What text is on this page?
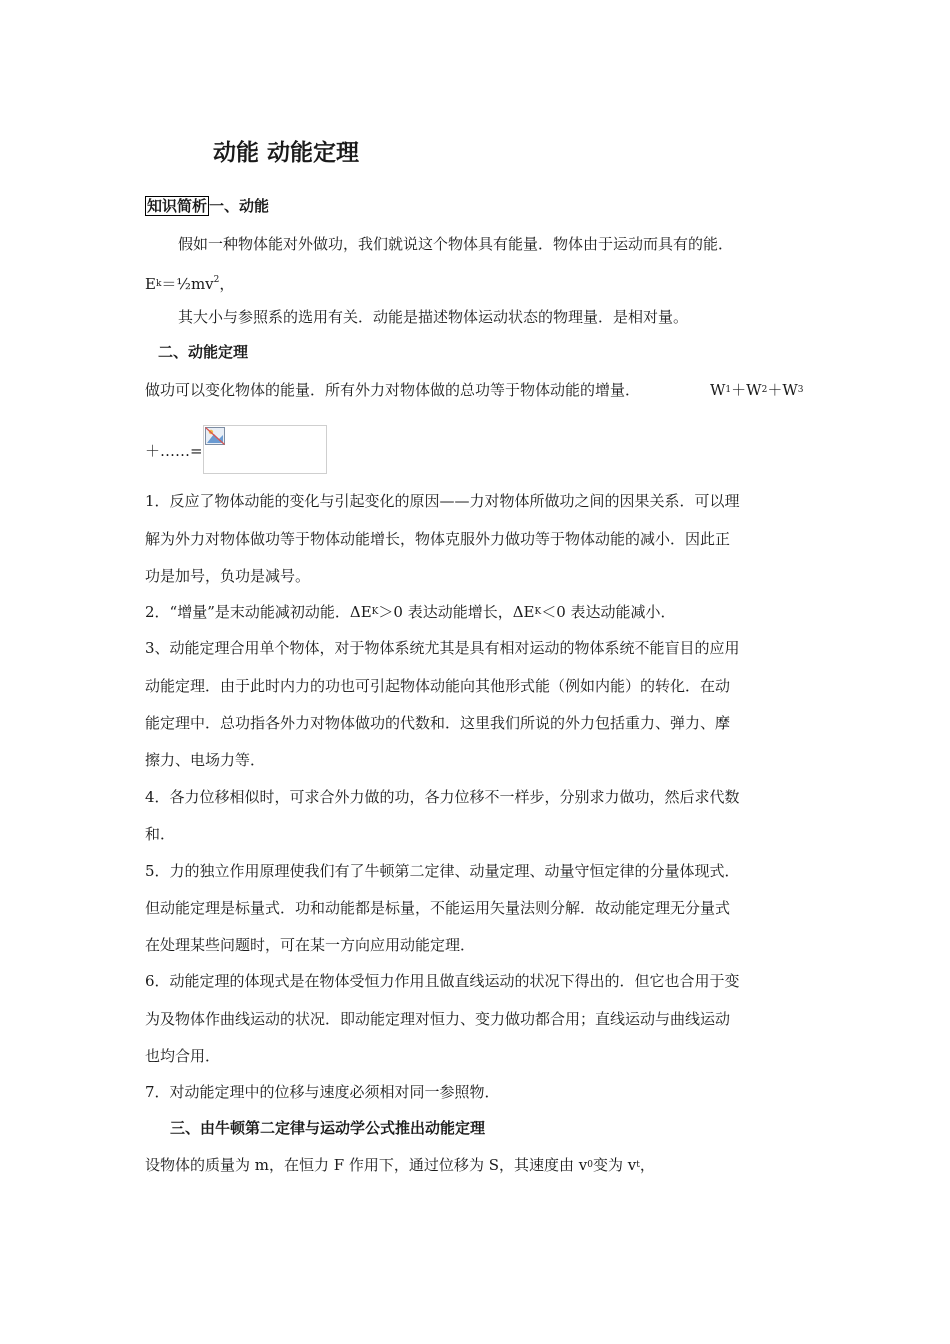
动能 动能定理
知识简析 一、动能
假如一种物体能对外做功，我们就说这个物体具有能量．物体由于运动而具有的能．
$E^k=\frac{1}{2}mv^2$，
其大小与参照系的选用有关．动能是描述物体运动状态的物理量．是相对量。
二、动能定理
做功可以变化物体的能量．所有外力对物体做的总功等于物体动能的增量．	$W^1+W^2+W^3$
＋……=
1．反应了物体动能的变化与引起变化的原因——力对物体所做功之间的因果关系．可以理
解为外力对物体做功等于物体动能增长，物体克服外力做功等于物体动能的减小．因此正
功是加号，负功是减号。
2．“增量”是末动能减初动能．$\Delta E^K>0$ 表达动能增长，$\Delta E^K<0$ 表达动能减小．
3、动能定理合用单个物体，对于物体系统尤其是具有相对运动的物体系统不能盲目的应用
动能定理．由于此时内力的功也可引起物体动能向其他形式能（例如内能）的转化．在动
能定理中．总功指各外力对物体做功的代数和．这里我们所说的外力包括重力、弹力、摩
擦力、电场力等．
4．各力位移相似时，可求合外力做的功，各力位移不一样步，分别求力做功，然后求代数
和．
5．力的独立作用原理使我们有了牛顿第二定律、动量定理、动量守恒定律的分量体现式．
但动能定理是标量式．功和动能都是标量，不能运用矢量法则分解．故动能定理无分量式
在处理某些问题时，可在某一方向应用动能定理．
6．动能定理的体现式是在物体受恒力作用且做直线运动的状况下得出的．但它也合用于变
为及物体作曲线运动的状况．即动能定理对恒力、变力做功都合用；直线运动与曲线运动
也均合用．
7．对动能定理中的位移与速度必须相对同一参照物．
三、由牛顿第二定律与运动学公式推出动能定理
设物体的质量为 m，在恒力 F 作用下，通过位移为 S，其速度由 $v^0$变为 $v^t$，
